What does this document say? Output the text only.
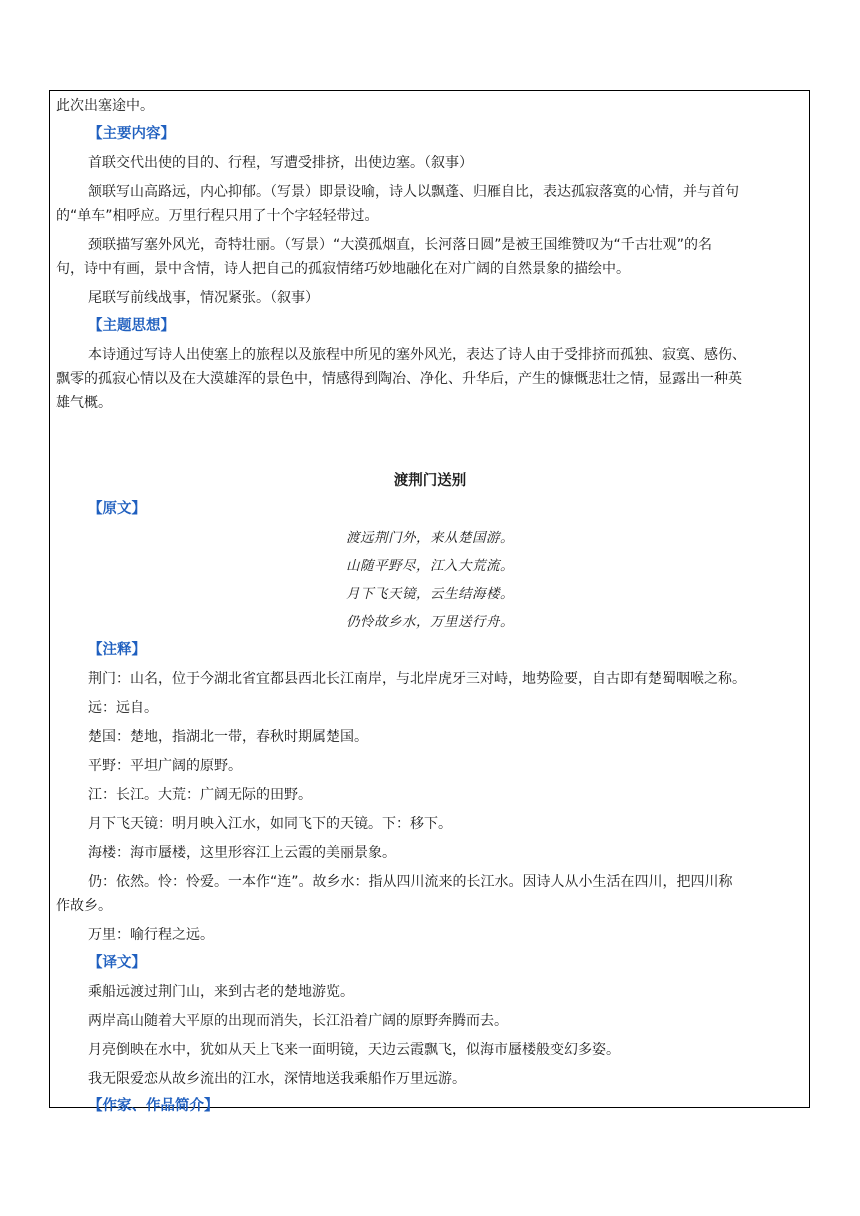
此次出塞途中。
【主要内容】
首联交代出使的目的、行程，写遭受排挤，出使边塞。（叙事）
颔联写山高路远，内心抑郁。（写景）即景设喻，诗人以飘蓬、归雁自比，表达孤寂落寞的心情，并与首句
的“单车”相呼应。万里行程只用了十个字轻轻带过。
颈联描写塞外风光，奇特壮丽。（写景）“大漠孤烟直，长河落日圆”是被王国维赞叹为“千古壮观”的名
句，诗中有画，景中含情，诗人把自己的孤寂情绪巧妙地融化在对广阔的自然景象的描绘中。
尾联写前线战事，情况紧张。（叙事）
【主题思想】
本诗通过写诗人出使塞上的旅程以及旅程中所见的塞外风光，表达了诗人由于受排挤而孤独、寂寞、感伤、
飘零的孤寂心情以及在大漠雄浑的景色中，情感得到陶冶、净化、升华后，产生的慷慨悲壮之情，显露出一种英
雄气概。
渡荆门送别
【原文】
渡远荆门外，来从楚国游。
山随平野尽，江入大荒流。
月下飞天镜，云生结海楼。
仍怜故乡水，万里送行舟。
【注释】
荆门：山名，位于今湖北省宜都县西北长江南岸，与北岸虎牙三对峙，地势险要，自古即有楚蜀咽喉之称。
远：远自。
楚国：楚地，指湖北一带，春秋时期属楚国。
平野：平坦广阔的原野。
江：长江。大荒：广阔无际的田野。
月下飞天镜：明月映入江水，如同飞下的天镜。下：移下。
海楼：海市蜃楼，这里形容江上云霞的美丽景象。
仍：依然。怜：怜爱。一本作“连”。故乡水：指从四川流来的长江水。因诗人从小生活在四川，把四川称
作故乡。
万里：喻行程之远。
【译文】
乘船远渡过荆门山，来到古老的楚地游览。
两岸高山随着大平原的出现而消失，长江沿着广阔的原野奔腾而去。
月亮倒映在水中，犹如从天上飞来一面明镜，天边云霞飘飞，似海市蜃楼般变幻多姿。
我无限爱恋从故乡流出的江水，深情地送我乘船作万里远游。
【作家、作品简介】
